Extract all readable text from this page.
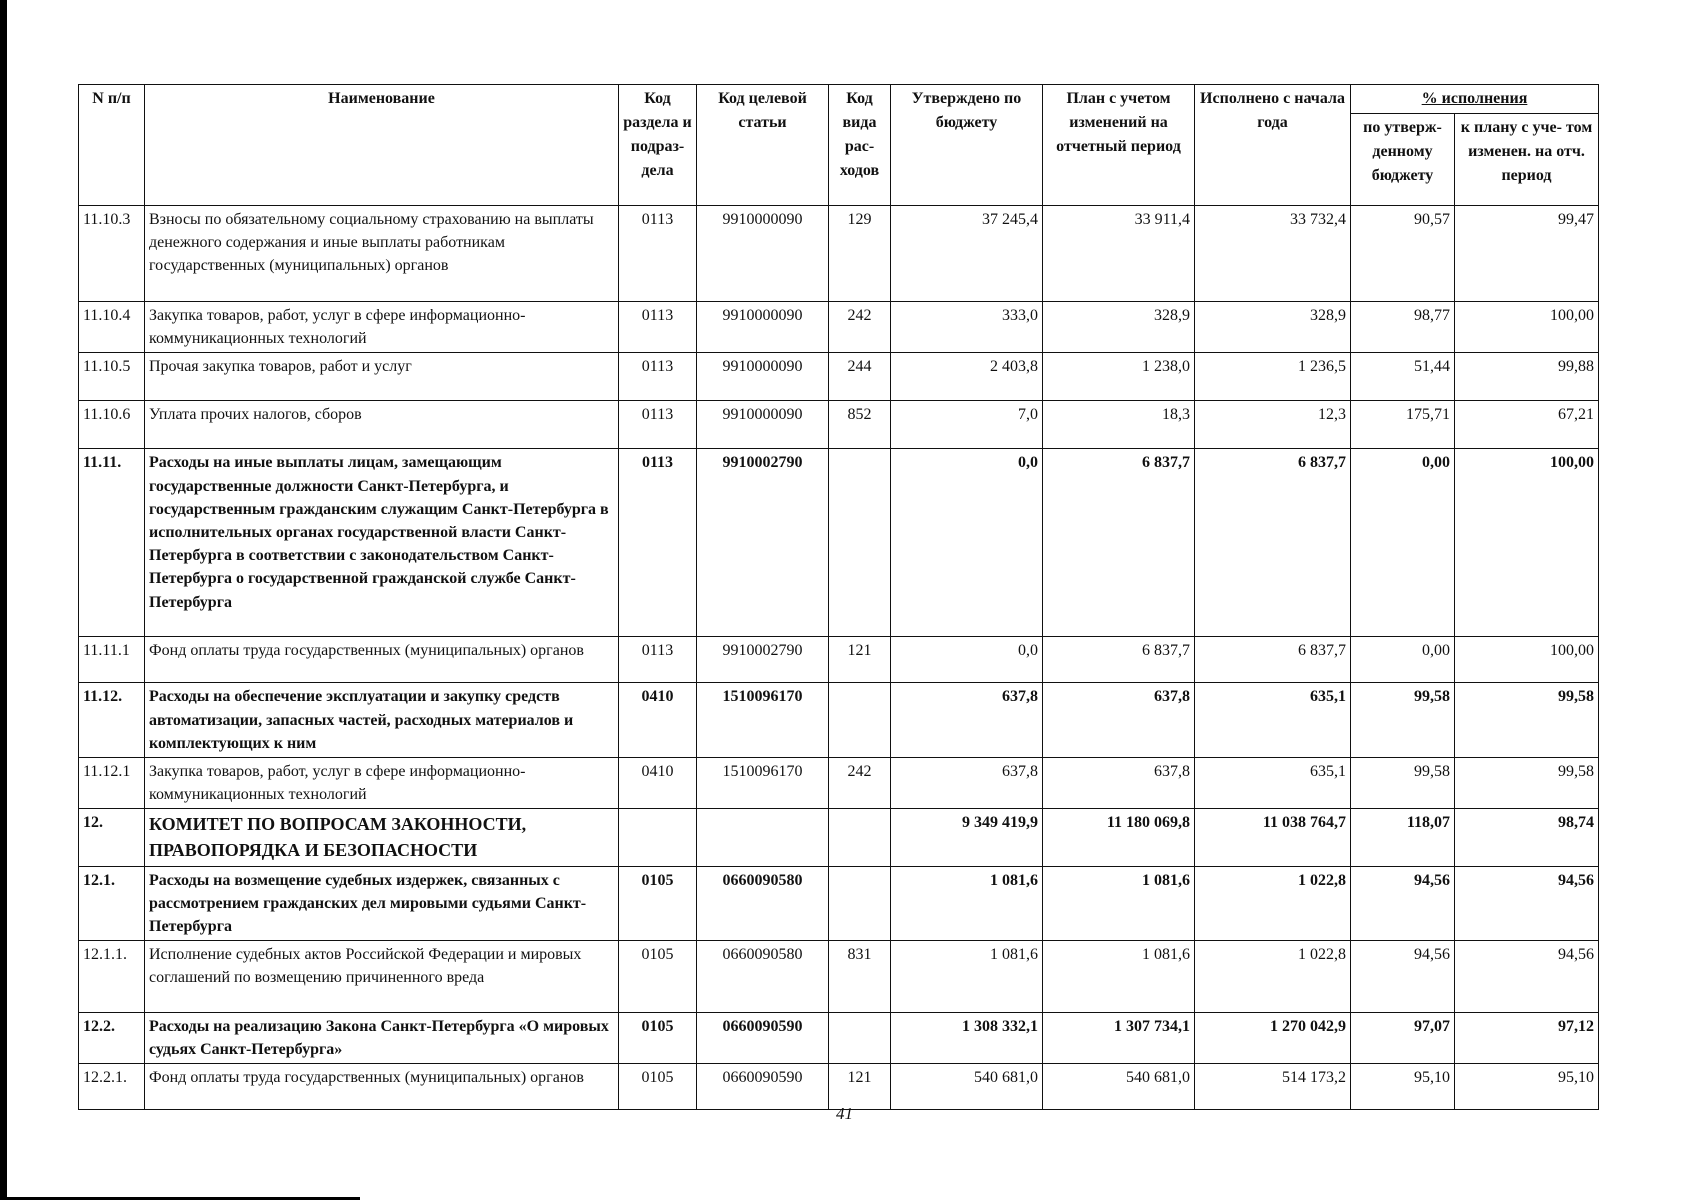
N п/п	Наименование	Код раздела и подраз- дела	Код целевой статьи	Код вида рас- ходов	Утверждено по бюджету	План с учетом изменений на отчетный период	Исполнено с начала года	% исполнения	
								по утверж- денному бюджету	к плану с уче- том изменен. на отч. период
11.10.3	Взносы по обязательному социальному страхованию на выплаты денежного содержания и иные выплаты работникам государственных (муниципальных) органов	0113	9910000090	129	37 245,4	33 911,4	33 732,4	90,57	99,47
11.10.4	Закупка товаров, работ, услуг в сфере информационно-коммуникационных технологий	0113	9910000090	242	333,0	328,9	328,9	98,77	100,00
11.10.5	Прочая закупка товаров, работ и услуг	0113	9910000090	244	2 403,8	1 238,0	1 236,5	51,44	99,88
11.10.6	Уплата прочих налогов, сборов	0113	9910000090	852	7,0	18,3	12,3	175,71	67,21
11.11.	Расходы на иные выплаты лицам, замещающим государственные должности Санкт-Петербурга, и государственным гражданским служащим Санкт-Петербурга в исполнительных органах государственной власти Санкт-Петербурга в соответствии с законодательством Санкт-Петербурга о государственной гражданской службе Санкт-Петербурга	0113	9910002790		0,0	6 837,7	6 837,7	0,00	100,00
11.11.1	Фонд оплаты труда государственных (муниципальных) органов	0113	9910002790	121	0,0	6 837,7	6 837,7	0,00	100,00
11.12.	Расходы на обеспечение эксплуатации и закупку средств автоматизации, запасных частей, расходных материалов и комплектующих к ним	0410	1510096170		637,8	637,8	635,1	99,58	99,58
11.12.1	Закупка товаров, работ, услуг в сфере информационно-коммуникационных технологий	0410	1510096170	242	637,8	637,8	635,1	99,58	99,58
12.	КОМИТЕТ ПО ВОПРОСАМ ЗАКОННОСТИ, ПРАВОПОРЯДКА И БЕЗОПАСНОСТИ				9 349 419,9	11 180 069,8	11 038 764,7	118,07	98,74
12.1.	Расходы на возмещение судебных издержек, связанных с рассмотрением гражданских дел мировыми судьями Санкт-Петербурга	0105	0660090580		1 081,6	1 081,6	1 022,8	94,56	94,56
12.1.1.	Исполнение судебных актов Российской Федерации и мировых соглашений по возмещению причиненного вреда	0105	0660090580	831	1 081,6	1 081,6	1 022,8	94,56	94,56
12.2.	Расходы на реализацию Закона Санкт-Петербурга «О мировых судьях Санкт-Петербурга»	0105	0660090590		1 308 332,1	1 307 734,1	1 270 042,9	97,07	97,12
12.2.1.	Фонд оплаты труда государственных (муниципальных) органов	0105	0660090590	121	540 681,0	540 681,0	514 173,2	95,10	95,10
41
